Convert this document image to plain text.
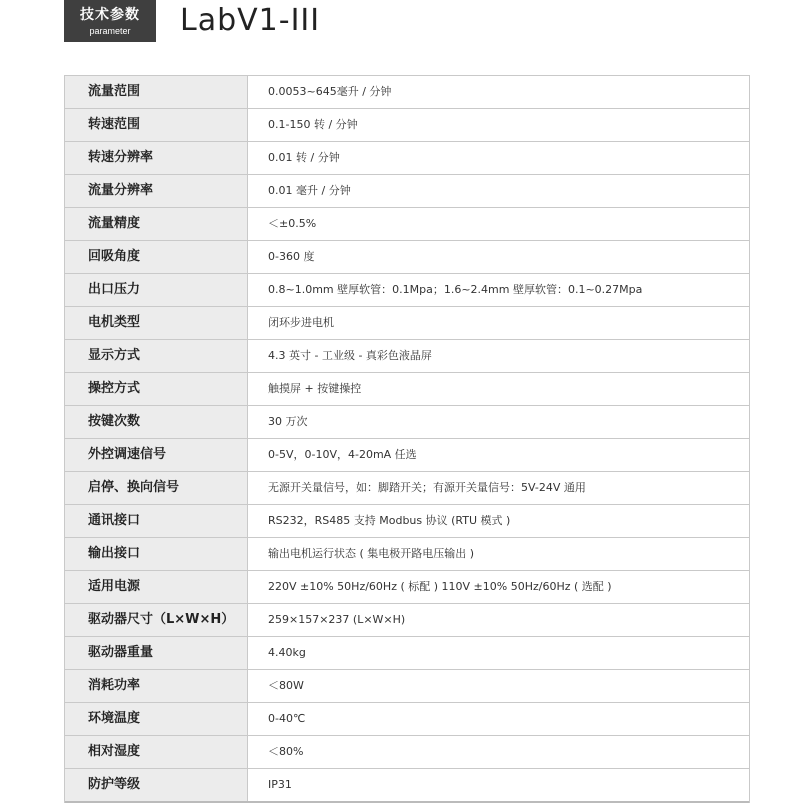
技术参数
parameter	LabV1-III
流量范围	0.0053~645毫升 / 分钟
转速范围	0.1-150 转 / 分钟
转速分辨率	0.01 转 / 分钟
流量分辨率	0.01 毫升 / 分钟
流量精度	＜±0.5%
回吸角度	0-360 度
出口压力	0.8~1.0mm 壁厚软管：0.1Mpa；1.6~2.4mm 壁厚软管：0.1~0.27Mpa
电机类型	闭环步进电机
显示方式	4.3 英寸 - 工业级 - 真彩色液晶屏
操控方式	触摸屏 + 按键操控
按键次数	30 万次
外控调速信号	0-5V，0-10V，4-20mA 任选
启停、换向信号	无源开关量信号，如：脚踏开关；有源开关量信号：5V-24V 通用
通讯接口	RS232，RS485 支持 Modbus 协议 (RTU 模式 )
输出接口	输出电机运行状态 ( 集电极开路电压输出 )
适用电源	220V ±10% 50Hz/60Hz ( 标配 ) 110V ±10% 50Hz/60Hz ( 选配 )
驱动器尺寸（L×W×H）	259×157×237 (L×W×H)
驱动器重量	4.40kg
消耗功率	＜80W
环境温度	0-40℃
相对湿度	＜80%
防护等级	IP31
